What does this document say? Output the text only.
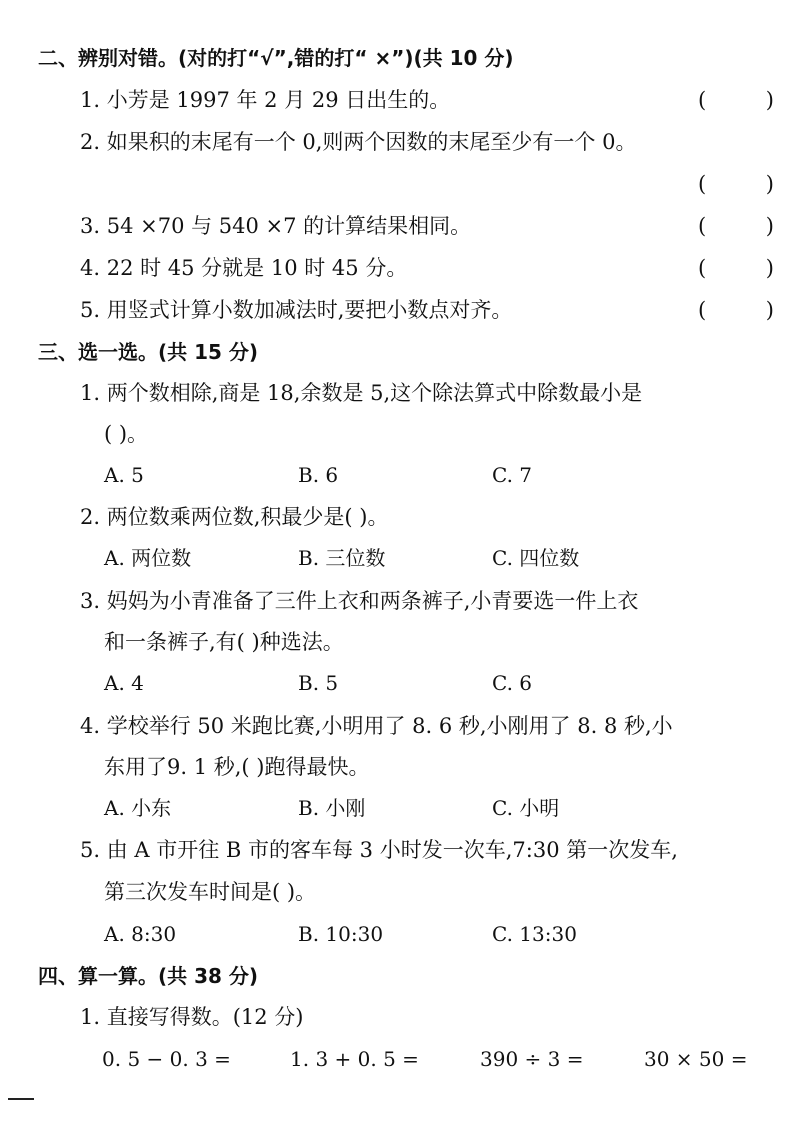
二、辨别对错。(对的打“√”,错的打“ ×”)(共 10 分)
1. 小芳是 1997 年 2 月 29 日出生的。	(	)
2. 如果积的末尾有一个 0,则两个因数的末尾至少有一个 0。
(	)
3. 54 ×70 与 540 ×7 的计算结果相同。	(	)
4. 22 时 45 分就是 10 时 45 分。	(	)
5. 用竖式计算小数加减法时,要把小数点对齐。	(	)
三、选一选。(共 15 分)
1. 两个数相除,商是 18,余数是 5,这个除法算式中除数最小是
( )。
A. 5	B. 6	C. 7
2. 两位数乘两位数,积最少是( )。
A. 两位数	B. 三位数	C. 四位数
3. 妈妈为小青准备了三件上衣和两条裤子,小青要选一件上衣
和一条裤子,有( )种选法。
A. 4	B. 5	C. 6
4. 学校举行 50 米跑比赛,小明用了 8. 6 秒,小刚用了 8. 8 秒,小
东用了9. 1 秒,( )跑得最快。
A. 小东	B. 小刚	C. 小明
5. 由 A 市开往 B 市的客车每 3 小时发一次车,7:30 第一次发车,
第三次发车时间是( )。
A. 8:30	B. 10:30	C. 13:30
四、算一算。(共 38 分)
1. 直接写得数。(12 分)
0. 5 − 0. 3 =	1. 3 + 0. 5 =	390 ÷ 3 =	30 × 50 =
